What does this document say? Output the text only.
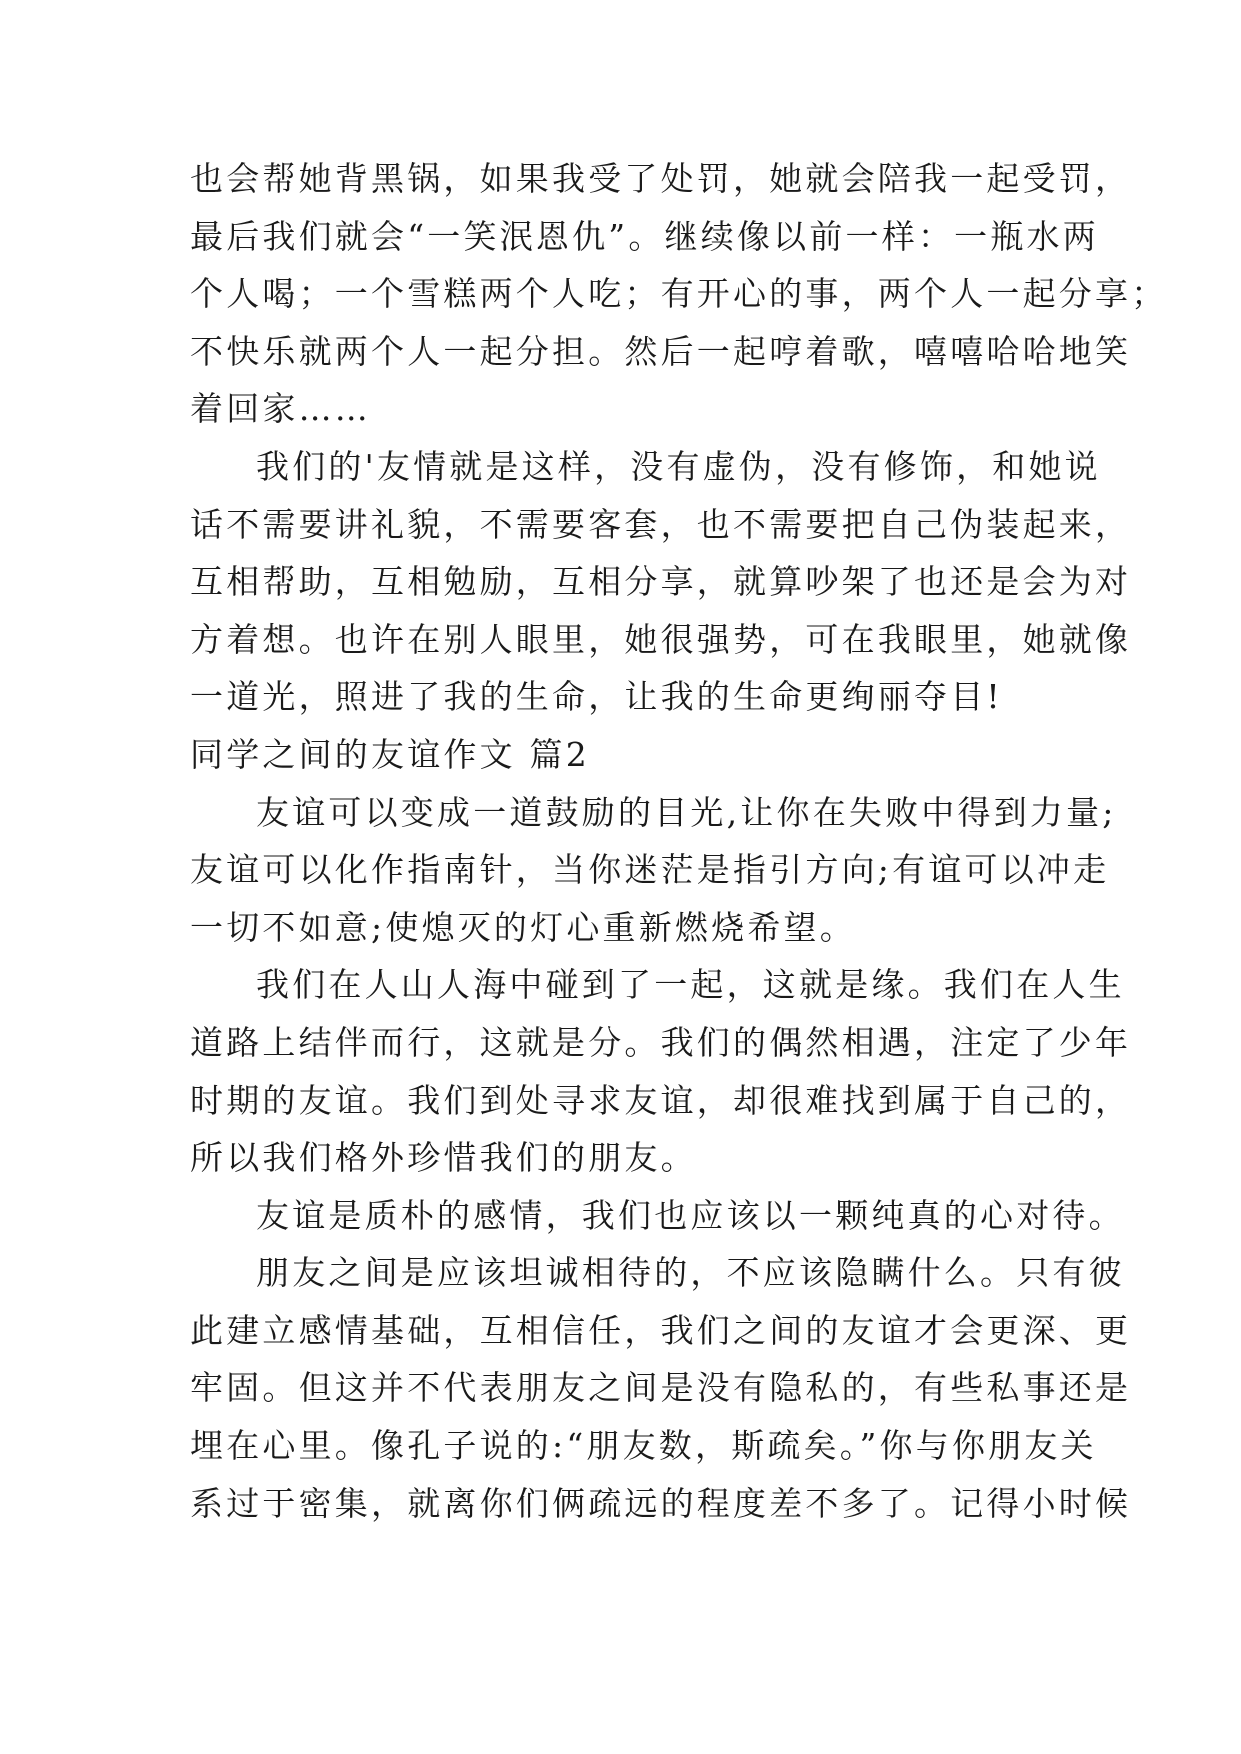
也会帮她背黑锅，如果我受了处罚，她就会陪我一起受罚，
最后我们就会“一笑泯恩仇”。继续像以前一样：一瓶水两
个人喝；一个雪糕两个人吃；有开心的事，两个人一起分享；
不快乐就两个人一起分担。然后一起哼着歌，嘻嘻哈哈地笑
着回家……
我们的'友情就是这样，没有虚伪，没有修饰，和她说
话不需要讲礼貌，不需要客套，也不需要把自己伪装起来，
互相帮助，互相勉励，互相分享，就算吵架了也还是会为对
方着想。也许在别人眼里，她很强势，可在我眼里，她就像
一道光，照进了我的生命，让我的生命更绚丽夺目!
同学之间的友谊作文 篇2
友谊可以变成一道鼓励的目光,让你在失败中得到力量;
友谊可以化作指南针，当你迷茫是指引方向;有谊可以冲走
一切不如意;使熄灭的灯心重新燃烧希望。
我们在人山人海中碰到了一起，这就是缘。我们在人生
道路上结伴而行，这就是分。我们的偶然相遇，注定了少年
时期的友谊。我们到处寻求友谊，却很难找到属于自己的，
所以我们格外珍惜我们的朋友。
友谊是质朴的感情，我们也应该以一颗纯真的心对待。
朋友之间是应该坦诚相待的，不应该隐瞒什么。只有彼
此建立感情基础，互相信任，我们之间的友谊才会更深、更
牢固。但这并不代表朋友之间是没有隐私的，有些私事还是
埋在心里。像孔子说的:“朋友数，斯疏矣。”你与你朋友关
系过于密集，就离你们俩疏远的程度差不多了。记得小时候
